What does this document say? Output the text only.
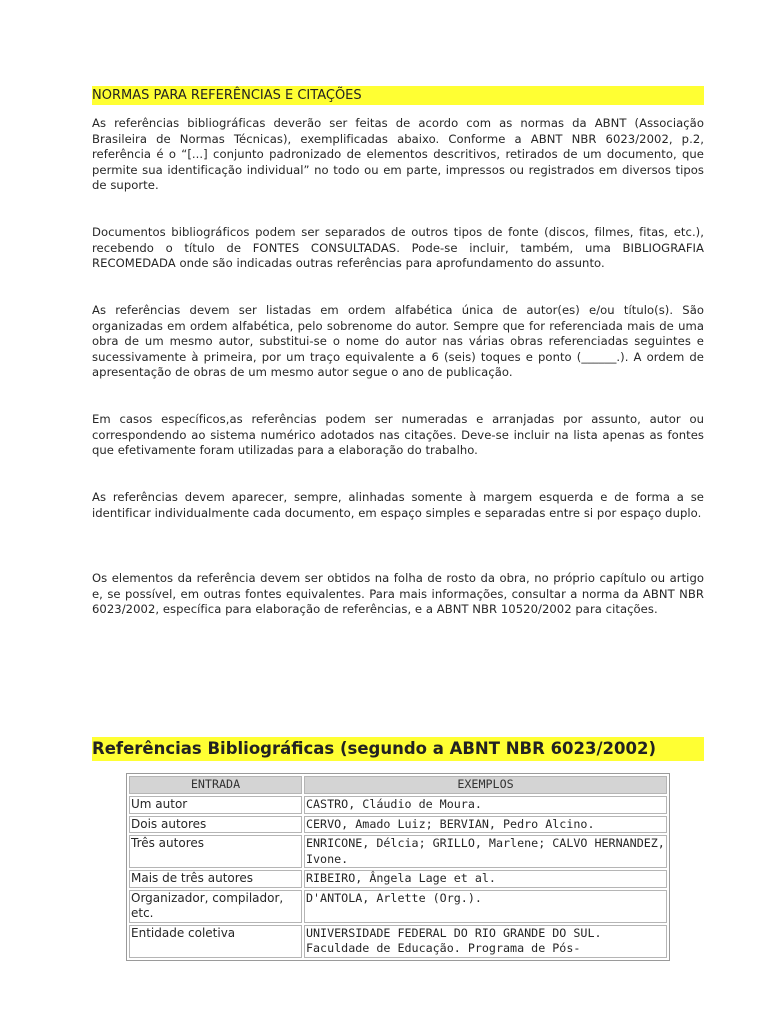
NORMAS PARA REFERÊNCIAS E CITAÇÕES

As referências bibliográficas deverão ser feitas de acordo com as normas da ABNT (Associação Brasileira de Normas Técnicas), exemplificadas abaixo. Conforme a ABNT NBR 6023/2002, p.2, referência é o “[...] conjunto padronizado de elementos descritivos, retirados de um documento, que permite sua identificação individual” no todo ou em parte, impressos ou registrados em diversos tipos de suporte.

Documentos bibliográficos podem ser separados de outros tipos de fonte (discos, filmes, fitas, etc.), recebendo o título de FONTES CONSULTADAS. Pode-se incluir, também, uma BIBLIOGRAFIA RECOMEDADA onde são indicadas outras referências para aprofundamento do assunto.

As referências devem ser listadas em ordem alfabética única de autor(es) e/ou título(s). São organizadas em ordem alfabética, pelo sobrenome do autor. Sempre que for referenciada mais de uma obra de um mesmo autor, substitui-se o nome do autor nas várias obras referenciadas seguintes e sucessivamente à primeira, por um traço equivalente a 6 (seis) toques e ponto (______.). A ordem de apresentação de obras de um mesmo autor segue o ano de publicação.

Em casos específicos,as referências podem ser numeradas e arranjadas por assunto, autor ou correspondendo ao sistema numérico adotados nas citações. Deve-se incluir na lista apenas as fontes que efetivamente foram utilizadas para a elaboração do trabalho.

As referências devem aparecer, sempre, alinhadas somente à margem esquerda e de forma a se identificar individualmente cada documento, em espaço simples e separadas entre si por espaço duplo.

Os elementos da referência devem ser obtidos na folha de rosto da obra, no próprio capítulo ou artigo e, se possível, em outras fontes equivalentes. Para mais informações, consultar a norma da ABNT NBR 6023/2002, específica para elaboração de referências, e a ABNT NBR 10520/2002 para citações.

Referências Bibliográficas (segundo a ABNT NBR 6023/2002)
ENTRADA	EXEMPLOS
Um autor	CASTRO, Cláudio de Moura.
Dois autores	CERVO, Amado Luiz; BERVIAN, Pedro Alcino.
Três autores	ENRICONE, Délcia; GRILLO, Marlene; CALVO HERNANDEZ, Ivone.
Mais de três autores	RIBEIRO, Ângela Lage et al.
Organizador, compilador, etc.	D'ANTOLA, Arlette (Org.).
Entidade coletiva	UNIVERSIDADE FEDERAL DO RIO GRANDE DO SUL. Faculdade de Educação. Programa de Pós-
